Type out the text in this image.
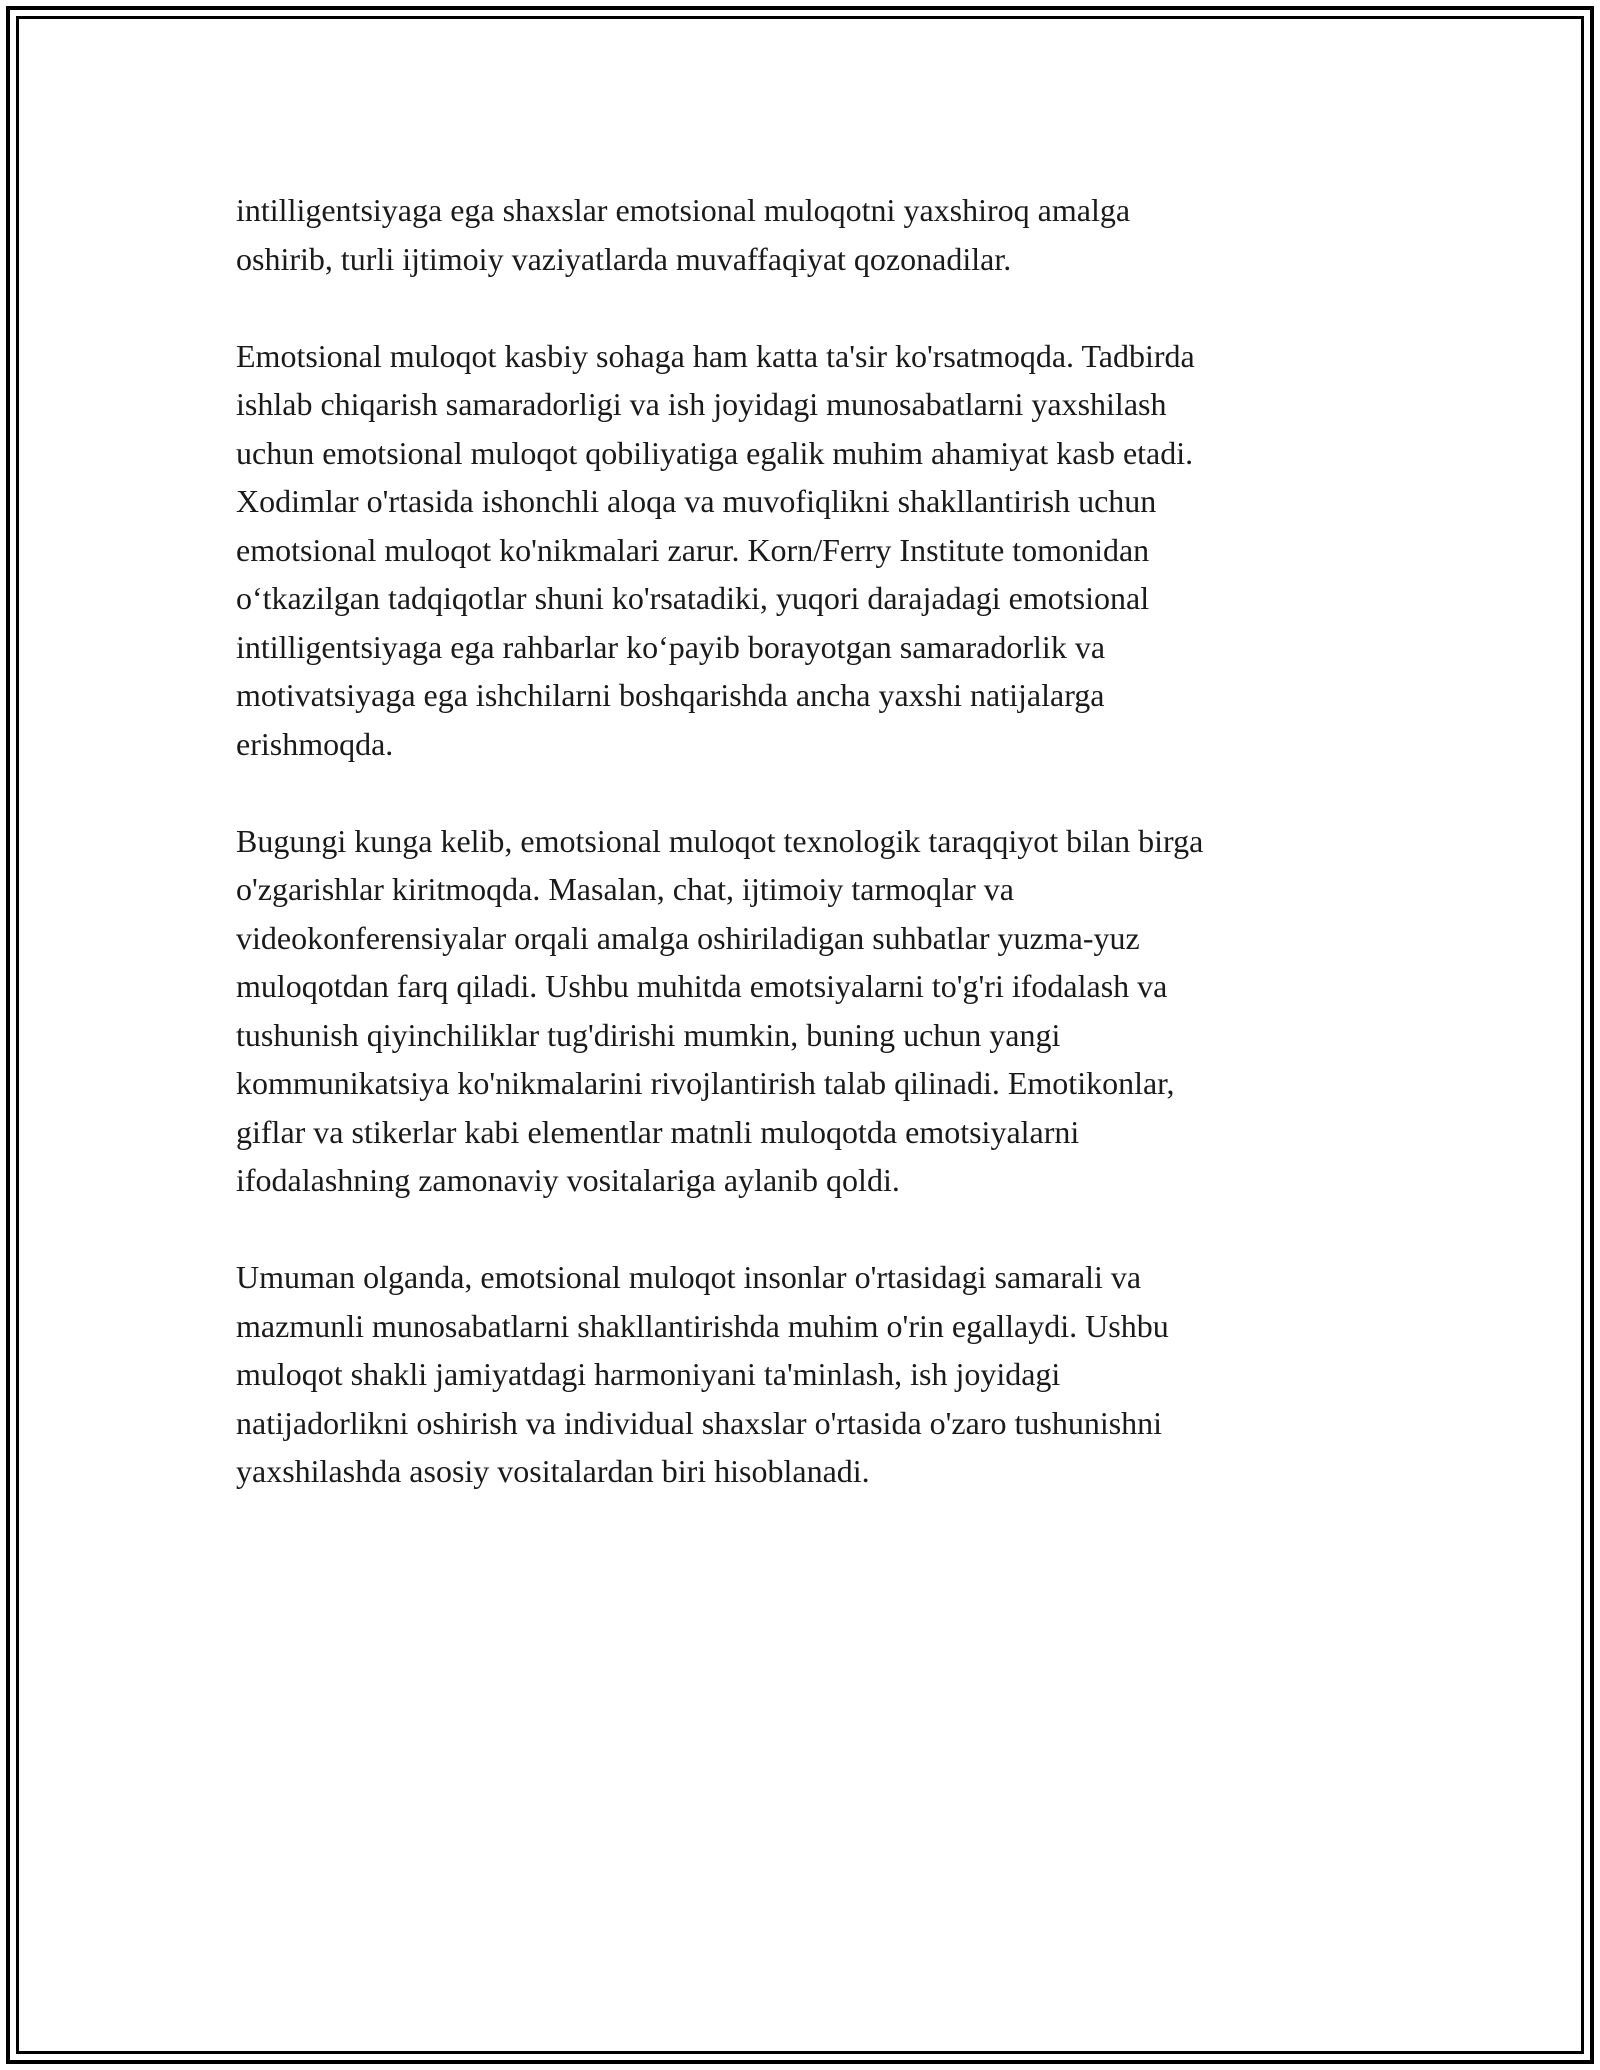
intilligentsiyaga ega shaxslar emotsional muloqotni yaxshiroq amalga
oshirib, turli ijtimoiy vaziyatlarda muvaffaqiyat qozonadilar.

Emotsional muloqot kasbiy sohaga ham katta ta'sir ko'rsatmoqda. Tadbirda
ishlab chiqarish samaradorligi va ish joyidagi munosabatlarni yaxshilash
uchun emotsional muloqot qobiliyatiga egalik muhim ahamiyat kasb etadi.
Xodimlar o'rtasida ishonchli aloqa va muvofiqlikni shakllantirish uchun
emotsional muloqot ko'nikmalari zarur. Korn/Ferry Institute tomonidan
o‘tkazilgan tadqiqotlar shuni ko'rsatadiki, yuqori darajadagi emotsional
intilligentsiyaga ega rahbarlar ko‘payib borayotgan samaradorlik va
motivatsiyaga ega ishchilarni boshqarishda ancha yaxshi natijalarga
erishmoqda.

Bugungi kunga kelib, emotsional muloqot texnologik taraqqiyot bilan birga
o'zgarishlar kiritmoqda. Masalan, chat, ijtimoiy tarmoqlar va
videokonferensiyalar orqali amalga oshiriladigan suhbatlar yuzma-yuz
muloqotdan farq qiladi. Ushbu muhitda emotsiyalarni to'g'ri ifodalash va
tushunish qiyinchiliklar tug'dirishi mumkin, buning uchun yangi
kommunikatsiya ko'nikmalarini rivojlantirish talab qilinadi. Emotikonlar,
giflar va stikerlar kabi elementlar matnli muloqotda emotsiyalarni
ifodalashning zamonaviy vositalariga aylanib qoldi.

Umuman olganda, emotsional muloqot insonlar o'rtasidagi samarali va
mazmunli munosabatlarni shakllantirishda muhim o'rin egallaydi. Ushbu
muloqot shakli jamiyatdagi harmoniyani ta'minlash, ish joyidagi
natijadorlikni oshirish va individual shaxslar o'rtasida o'zaro tushunishni
yaxshilashda asosiy vositalardan biri hisoblanadi.
